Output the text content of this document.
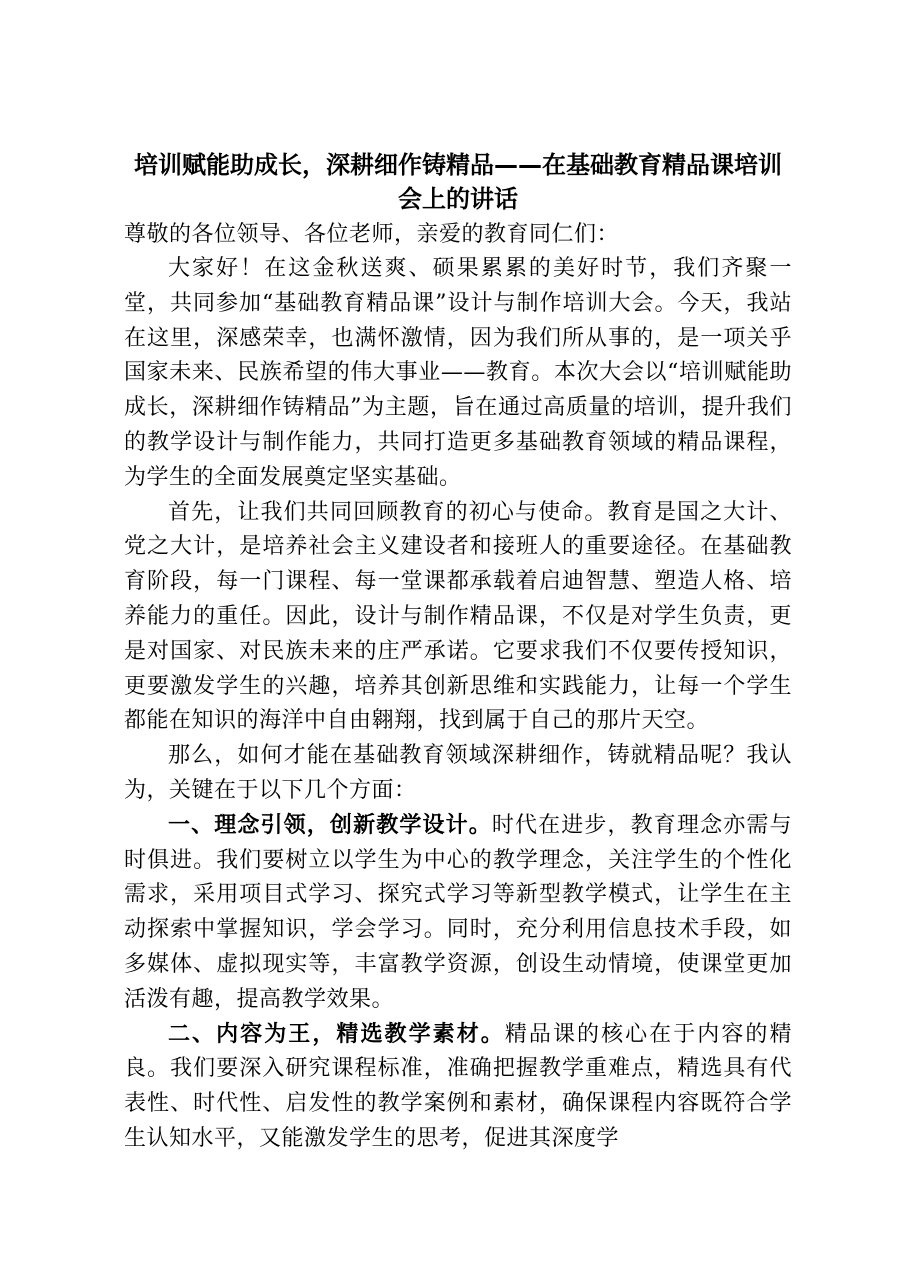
培训赋能助成长，深耕细作铸精品——在基础教育精品课培训会上的讲话

尊敬的各位领导、各位老师，亲爱的教育同仁们：

大家好！在这金秋送爽、硕果累累的美好时节，我们齐聚一堂，共同参加“基础教育精品课”设计与制作培训大会。今天，我站在这里，深感荣幸，也满怀激情，因为我们所从事的，是一项关乎国家未来、民族希望的伟大事业——教育。本次大会以“培训赋能助成长，深耕细作铸精品”为主题，旨在通过高质量的培训，提升我们的教学设计与制作能力，共同打造更多基础教育领域的精品课程，为学生的全面发展奠定坚实基础。

首先，让我们共同回顾教育的初心与使命。教育是国之大计、党之大计，是培养社会主义建设者和接班人的重要途径。在基础教育阶段，每一门课程、每一堂课都承载着启迪智慧、塑造人格、培养能力的重任。因此，设计与制作精品课，不仅是对学生负责，更是对国家、对民族未来的庄严承诺。它要求我们不仅要传授知识，更要激发学生的兴趣，培养其创新思维和实践能力，让每一个学生都能在知识的海洋中自由翱翔，找到属于自己的那片天空。

那么，如何才能在基础教育领域深耕细作，铸就精品呢？我认为，关键在于以下几个方面：

一、理念引领，创新教学设计。时代在进步，教育理念亦需与时俱进。我们要树立以学生为中心的教学理念，关注学生的个性化需求，采用项目式学习、探究式学习等新型教学模式，让学生在主动探索中掌握知识，学会学习。同时，充分利用信息技术手段，如多媒体、虚拟现实等，丰富教学资源，创设生动情境，使课堂更加活泼有趣，提高教学效果。

二、内容为王，精选教学素材。精品课的核心在于内容的精良。我们要深入研究课程标准，准确把握教学重难点，精选具有代表性、时代性、启发性的教学案例和素材，确保课程内容既符合学生认知水平，又能激发学生的思考，促进其深度学
